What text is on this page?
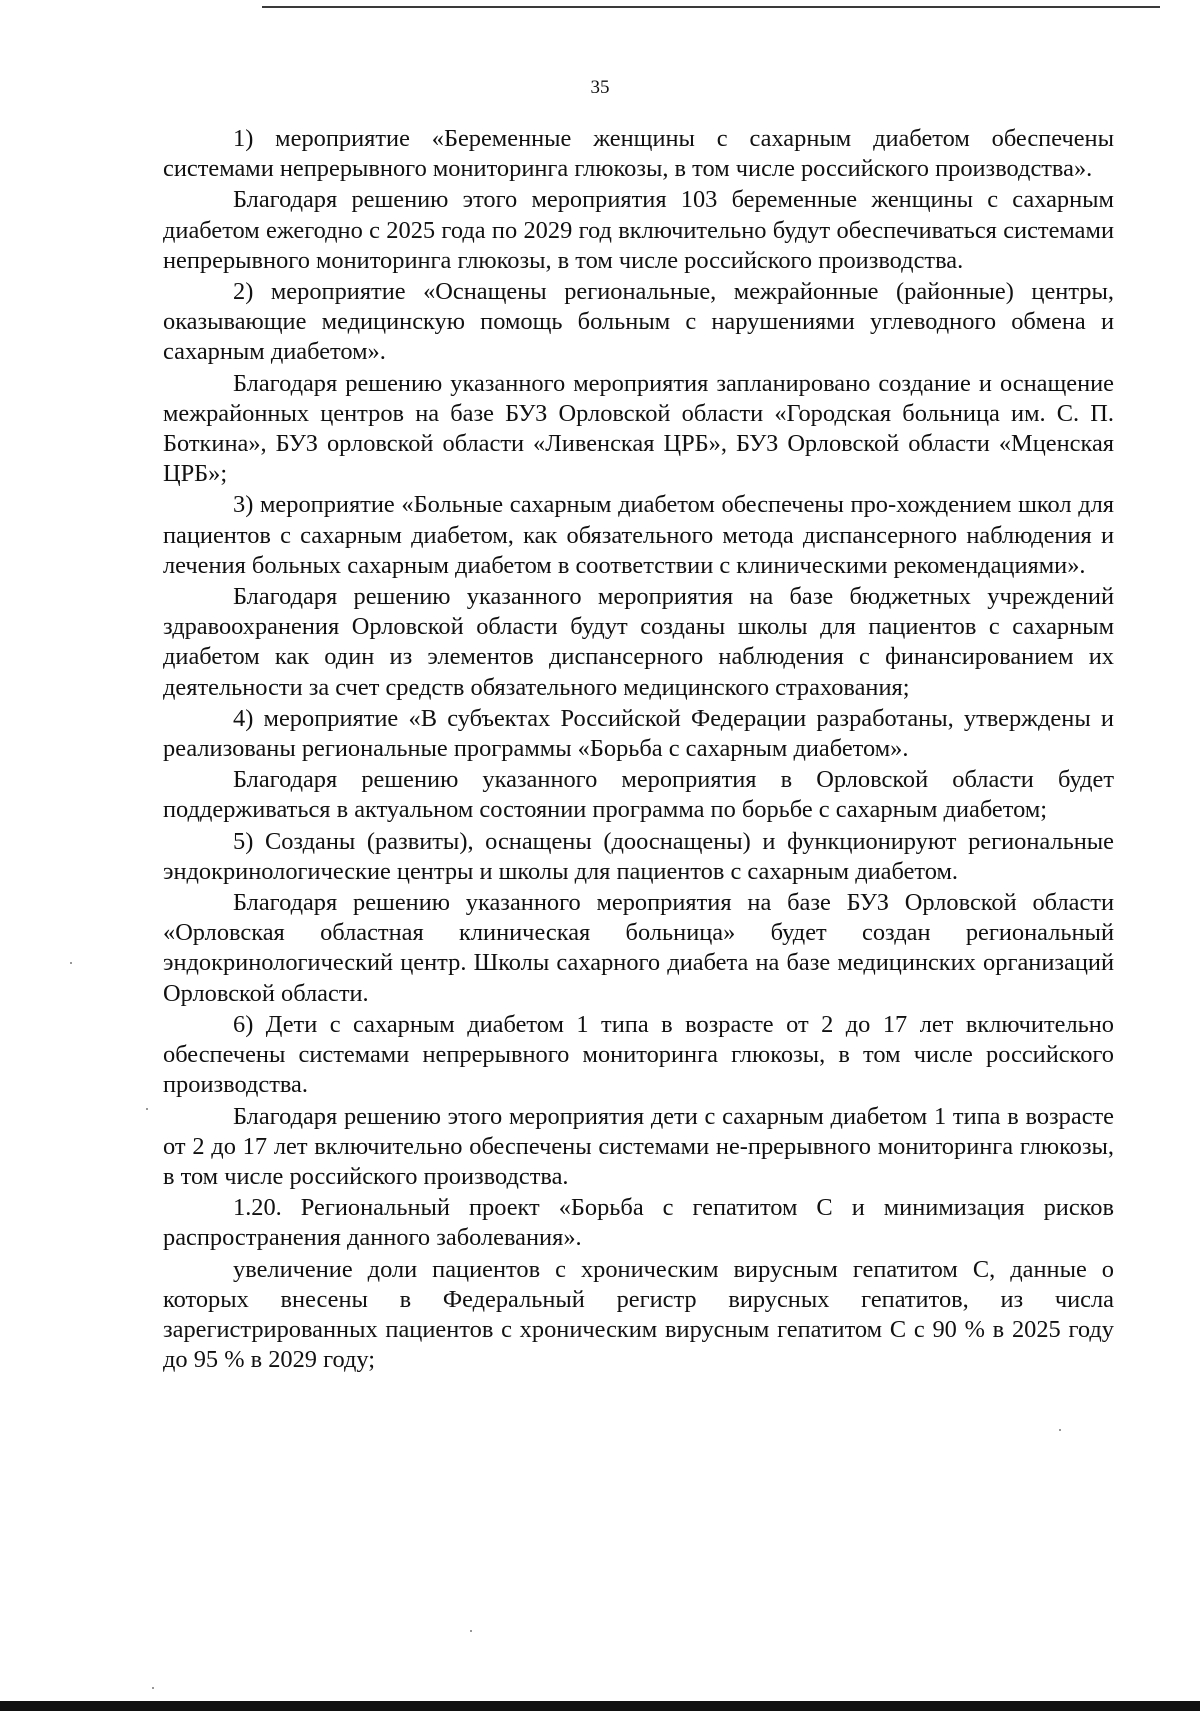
35

1) мероприятие «Беременные женщины с сахарным диабетом обеспечены системами непрерывного мониторинга глюкозы, в том числе российского производства».

Благодаря решению этого мероприятия 103 беременные женщины с сахарным диабетом ежегодно с 2025 года по 2029 год включительно будут обеспечиваться системами непрерывного мониторинга глюкозы, в том числе российского производства.

2) мероприятие «Оснащены региональные, межрайонные (районные) центры, оказывающие медицинскую помощь больным с нарушениями углеводного обмена и сахарным диабетом».

Благодаря решению указанного мероприятия запланировано создание и оснащение межрайонных центров на базе БУЗ Орловской области «Городская больница им. С. П. Боткина», БУЗ орловской области «Ливенская ЦРБ», БУЗ Орловской области «Мценская ЦРБ»;

3) мероприятие «Больные сахарным диабетом обеспечены про-хождением школ для пациентов с сахарным диабетом, как обязательного метода диспансерного наблюдения и лечения больных сахарным диабетом в соответствии с клиническими рекомендациями».

Благодаря решению указанного мероприятия на базе бюджетных учреждений здравоохранения Орловской области будут созданы школы для пациентов с сахарным диабетом как один из элементов диспансерного наблюдения с финансированием их деятельности за счет средств обязательного медицинского страхования;

4) мероприятие «В субъектах Российской Федерации разработаны, утверждены и реализованы региональные программы «Борьба с сахарным диабетом».

Благодаря решению указанного мероприятия в Орловской области будет поддерживаться в актуальном состоянии программа по борьбе с сахарным диабетом;

5) Созданы (развиты), оснащены (дооснащены) и функционируют региональные эндокринологические центры и школы для пациентов с сахарным диабетом.

Благодаря решению указанного мероприятия на базе БУЗ Орловской области «Орловская областная клиническая больница» будет создан региональный эндокринологический центр. Школы сахарного диабета на базе медицинских организаций Орловской области.

6) Дети с сахарным диабетом 1 типа в возрасте от 2 до 17 лет включительно обеспечены системами непрерывного мониторинга глюкозы, в том числе российского производства.

Благодаря решению этого мероприятия дети с сахарным диабетом 1 типа в возрасте от 2 до 17 лет включительно обеспечены системами не-прерывного мониторинга глюкозы, в том числе российского производства.

1.20. Региональный проект «Борьба с гепатитом С и минимизация рисков распространения данного заболевания».

увеличение доли пациентов с хроническим вирусным гепатитом С, данные о которых внесены в Федеральный регистр вирусных гепатитов, из числа зарегистрированных пациентов с хроническим вирусным гепатитом С с 90 % в 2025 году до 95 % в 2029 году;
